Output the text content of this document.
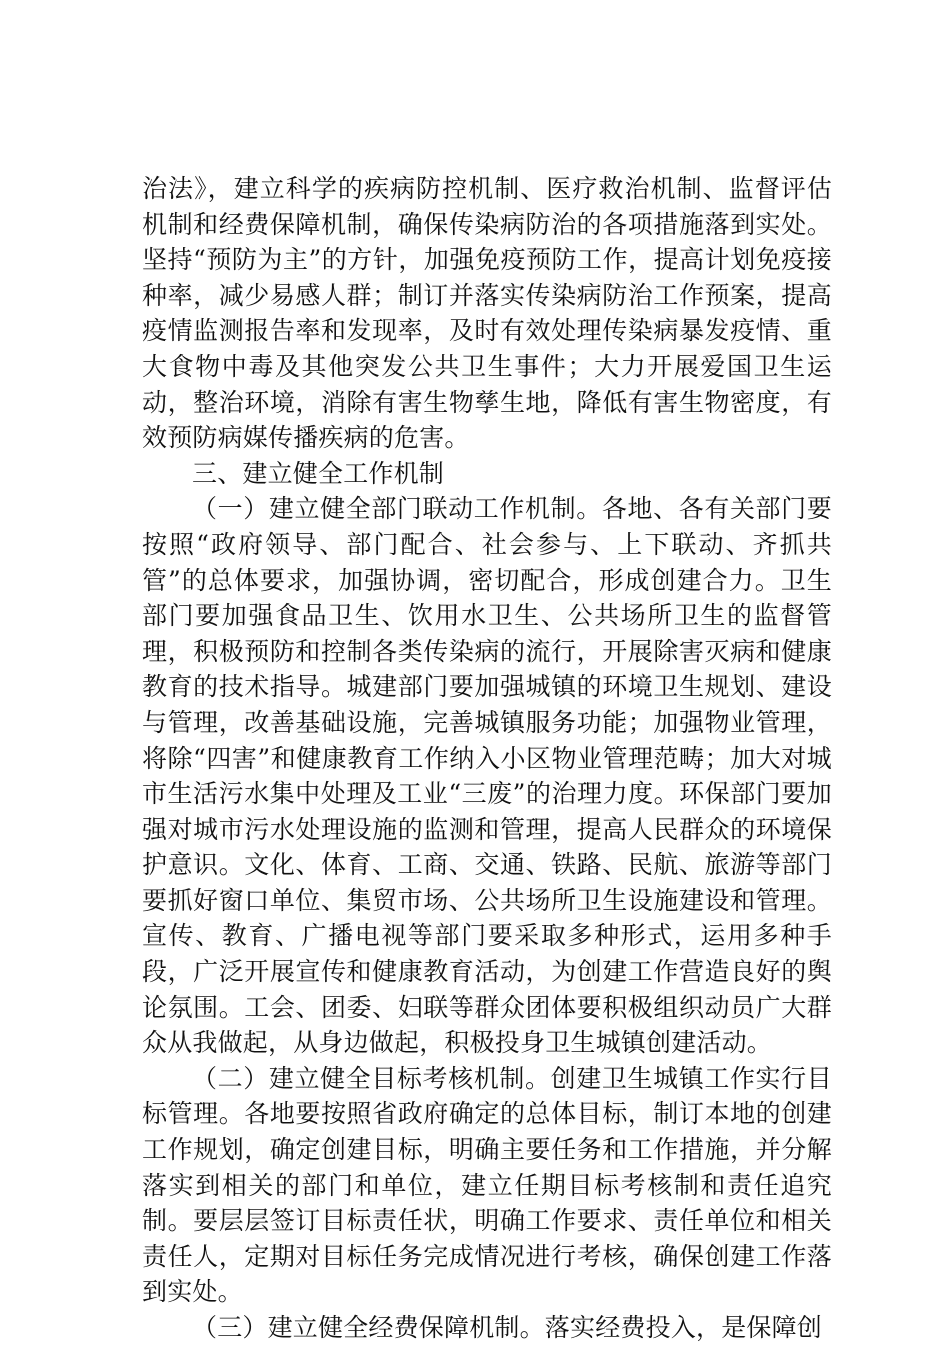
治法》，建立科学的疾病防控机制、医疗救治机制、监督评估机制和经费保障机制，确保传染病防治的各项措施落到实处。坚持“预防为主”的方针，加强免疫预防工作，提高计划免疫接种率，减少易感人群；制订并落实传染病防治工作预案，提高疫情监测报告率和发现率，及时有效处理传染病暴发疫情、重大食物中毒及其他突发公共卫生事件；大力开展爱国卫生运动，整治环境，消除有害生物孳生地，降低有害生物密度，有效预防病媒传播疾病的危害。

三、建立健全工作机制

（一）建立健全部门联动工作机制。各地、各有关部门要按照“政府领导、部门配合、社会参与、上下联动、齐抓共管”的总体要求，加强协调，密切配合，形成创建合力。卫生部门要加强食品卫生、饮用水卫生、公共场所卫生的监督管理，积极预防和控制各类传染病的流行，开展除害灭病和健康教育的技术指导。城建部门要加强城镇的环境卫生规划、建设与管理，改善基础设施，完善城镇服务功能；加强物业管理，将除“四害”和健康教育工作纳入小区物业管理范畴；加大对城市生活污水集中处理及工业“三废”的治理力度。环保部门要加强对城市污水处理设施的监测和管理，提高人民群众的环境保护意识。文化、体育、工商、交通、铁路、民航、旅游等部门要抓好窗口单位、集贸市场、公共场所卫生设施建设和管理。宣传、教育、广播电视等部门要采取多种形式，运用多种手段，广泛开展宣传和健康教育活动，为创建工作营造良好的舆论氛围。工会、团委、妇联等群众团体要积极组织动员广大群众从我做起，从身边做起，积极投身卫生城镇创建活动。

（二）建立健全目标考核机制。创建卫生城镇工作实行目标管理。各地要按照省政府确定的总体目标，制订本地的创建工作规划，确定创建目标，明确主要任务和工作措施，并分解落实到相关的部门和单位，建立任期目标考核制和责任追究制。要层层签订目标责任状，明确工作要求、责任单位和相关责任人，定期对目标任务完成情况进行考核，确保创建工作落到实处。

（三）建立健全经费保障机制。落实经费投入，是保障创
